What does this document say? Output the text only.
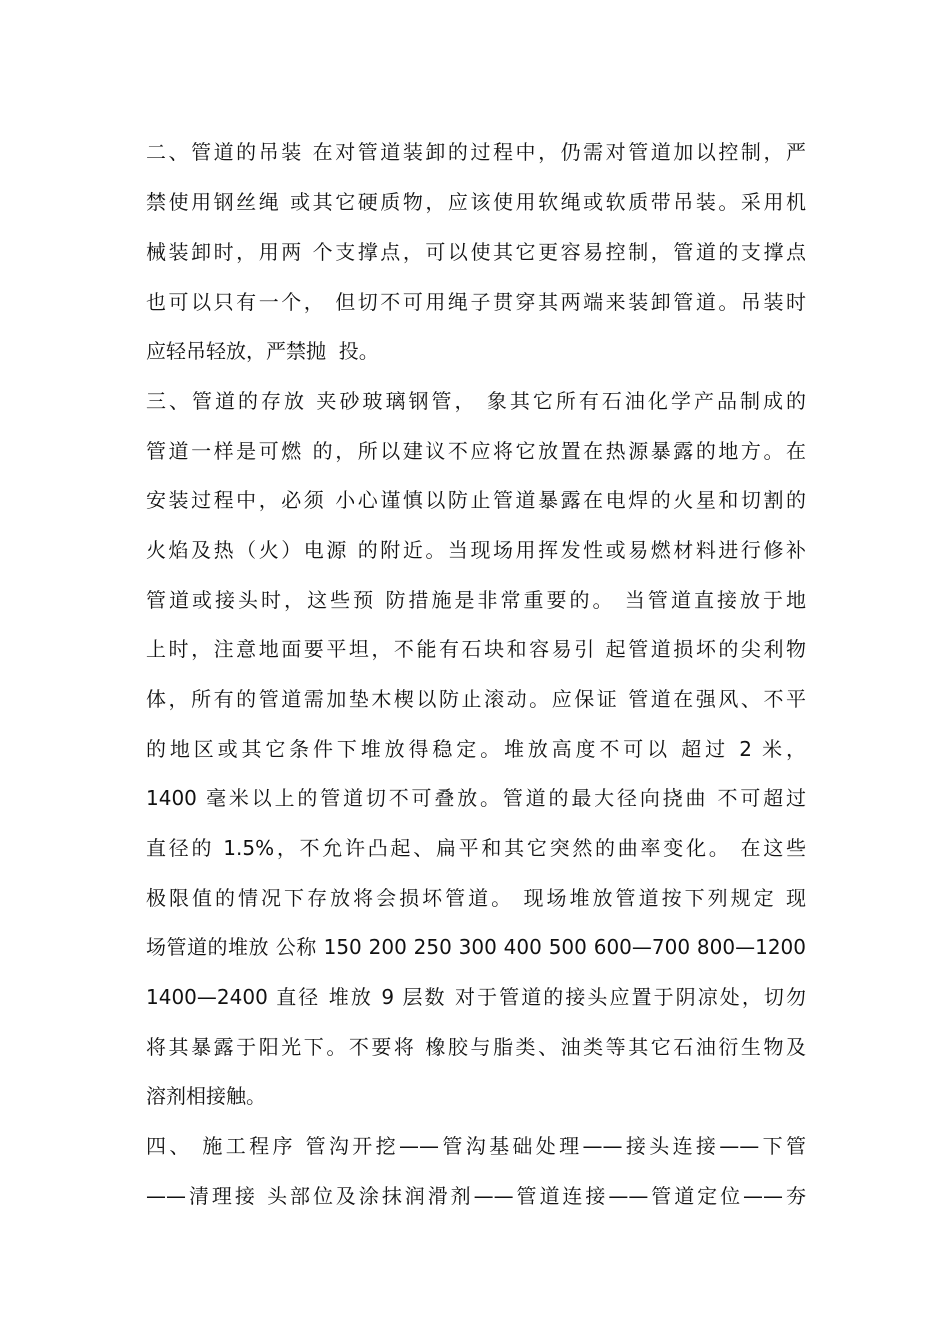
二、管道的吊装 在对管道装卸的过程中，仍需对管道加以控制，严
禁使用钢丝绳 或其它硬质物，应该使用软绳或软质带吊装。采用机
械装卸时，用两 个支撑点，可以使其它更容易控制，管道的支撑点
也可以只有一个， 但切不可用绳子贯穿其两端来装卸管道。吊装时
应轻吊轻放，严禁抛  投。
三、管道的存放 夹砂玻璃钢管， 象其它所有石油化学产品制成的
管道一样是可燃 的，所以建议不应将它放置在热源暴露的地方。在
安装过程中，必须 小心谨慎以防止管道暴露在电焊的火星和切割的
火焰及热（火）电源 的附近。当现场用挥发性或易燃材料进行修补
管道或接头时，这些预 防措施是非常重要的。 当管道直接放于地
上时，注意地面要平坦，不能有石块和容易引 起管道损坏的尖利物
体，所有的管道需加垫木楔以防止滚动。应保证 管道在强风、不平
的地区或其它条件下堆放得稳定。堆放高度不可以 超过 2 米，
1400 毫米以上的管道切不可叠放。管道的最大径向挠曲 不可超过
直径的 1.5%，不允许凸起、扁平和其它突然的曲率变化。 在这些
极限值的情况下存放将会损坏管道。 现场堆放管道按下列规定 现
场管道的堆放 公称 150 200 250 300 400 500 600—700 800—1200
1400—2400 直径 堆放 9 层数 对于管道的接头应置于阴凉处，切勿
将其暴露于阳光下。不要将 橡胶与脂类、油类等其它石油衍生物及
溶剂相接触。
四、 施工程序 管沟开挖——管沟基础处理——接头连接——下管
——清理接 头部位及涂抹润滑剂——管道连接——管道定位——夯
